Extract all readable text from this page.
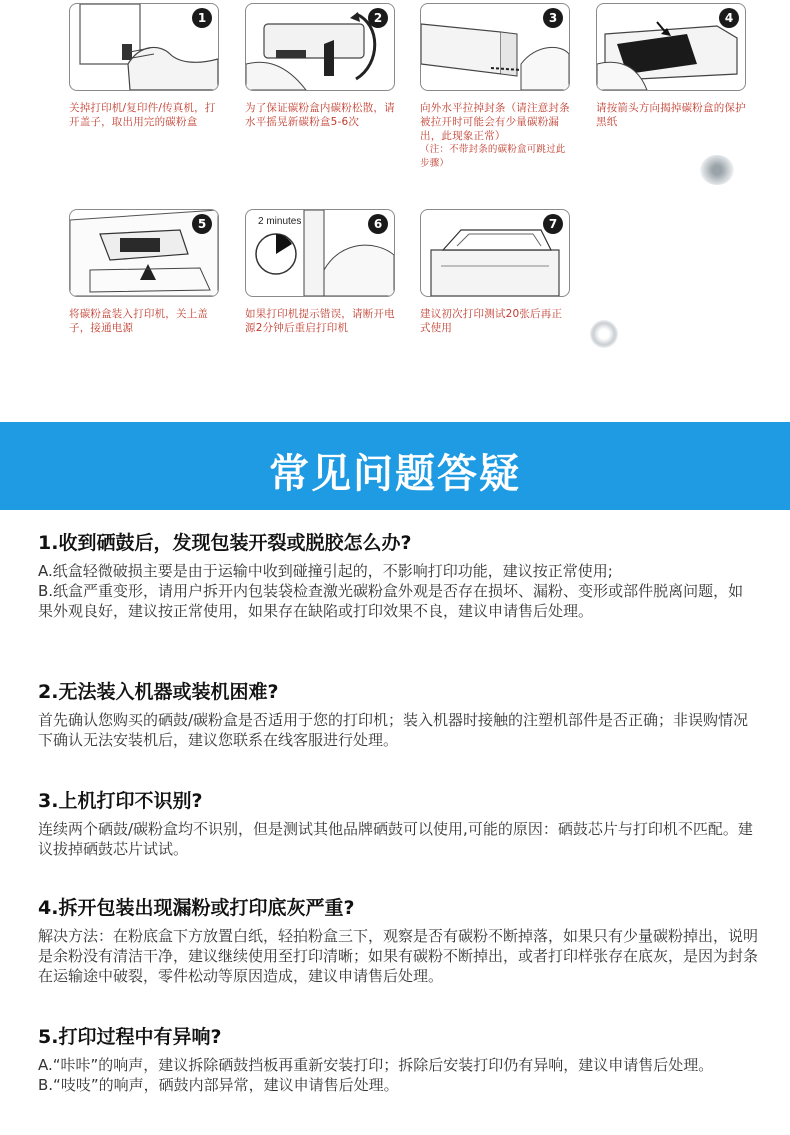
1
关掉打印机/复印件/传真机，打开盖子，取出用完的碳粉盒
2
为了保证碳粉盒内碳粉松散，请水平摇晃新碳粉盒5-6次
3
向外水平拉掉封条（请注意封条被拉开时可能会有少量碳粉漏出，此现象正常）
（注：不带封条的碳粉盒可跳过此步骤）
4
请按箭头方向揭掉碳粉盒的保护黑纸
5
将碳粉盒装入打印机，关上盖子，接通电源
2 minutes	6
如果打印机提示错误，请断开电源2分钟后重启打印机
7
建议初次打印测试20张后再正式使用
常见问题答疑
1.收到硒鼓后，发现包装开裂或脱胶怎么办?
A.纸盒轻微破损主要是由于运输中收到碰撞引起的，不影响打印功能，建议按正常使用;
B.纸盒严重变形，请用户拆开内包装袋检查激光碳粉盒外观是否存在损坏、漏粉、变形或部件脱离问题，如果外观良好，建议按正常使用，如果存在缺陷或打印效果不良，建议申请售后处理。
2.无法装入机器或装机困难?
首先确认您购买的硒鼓/碳粉盒是否适用于您的打印机；装入机器时接触的注塑机部件是否正确；非误购情况下确认无法安装机后，建议您联系在线客服进行处理。
3.上机打印不识别?
连续两个硒鼓/碳粉盒均不识别，但是测试其他品牌硒鼓可以使用,可能的原因：硒鼓芯片与打印机不匹配。建议拔掉硒鼓芯片试试。
4.拆开包装出现漏粉或打印底灰严重?
解决方法：在粉底盒下方放置白纸，轻拍粉盒三下，观察是否有碳粉不断掉落，如果只有少量碳粉掉出，说明是余粉没有清洁干净，建议继续使用至打印清晰；如果有碳粉不断掉出，或者打印样张存在底灰，是因为封条在运输途中破裂，零件松动等原因造成，建议申请售后处理。
5.打印过程中有异响?
A.“咔咔”的响声，建议拆除硒鼓挡板再重新安装打印；拆除后安装打印仍有异响，建议申请售后处理。
B.“吱吱”的响声，硒鼓内部异常，建议申请售后处理。
